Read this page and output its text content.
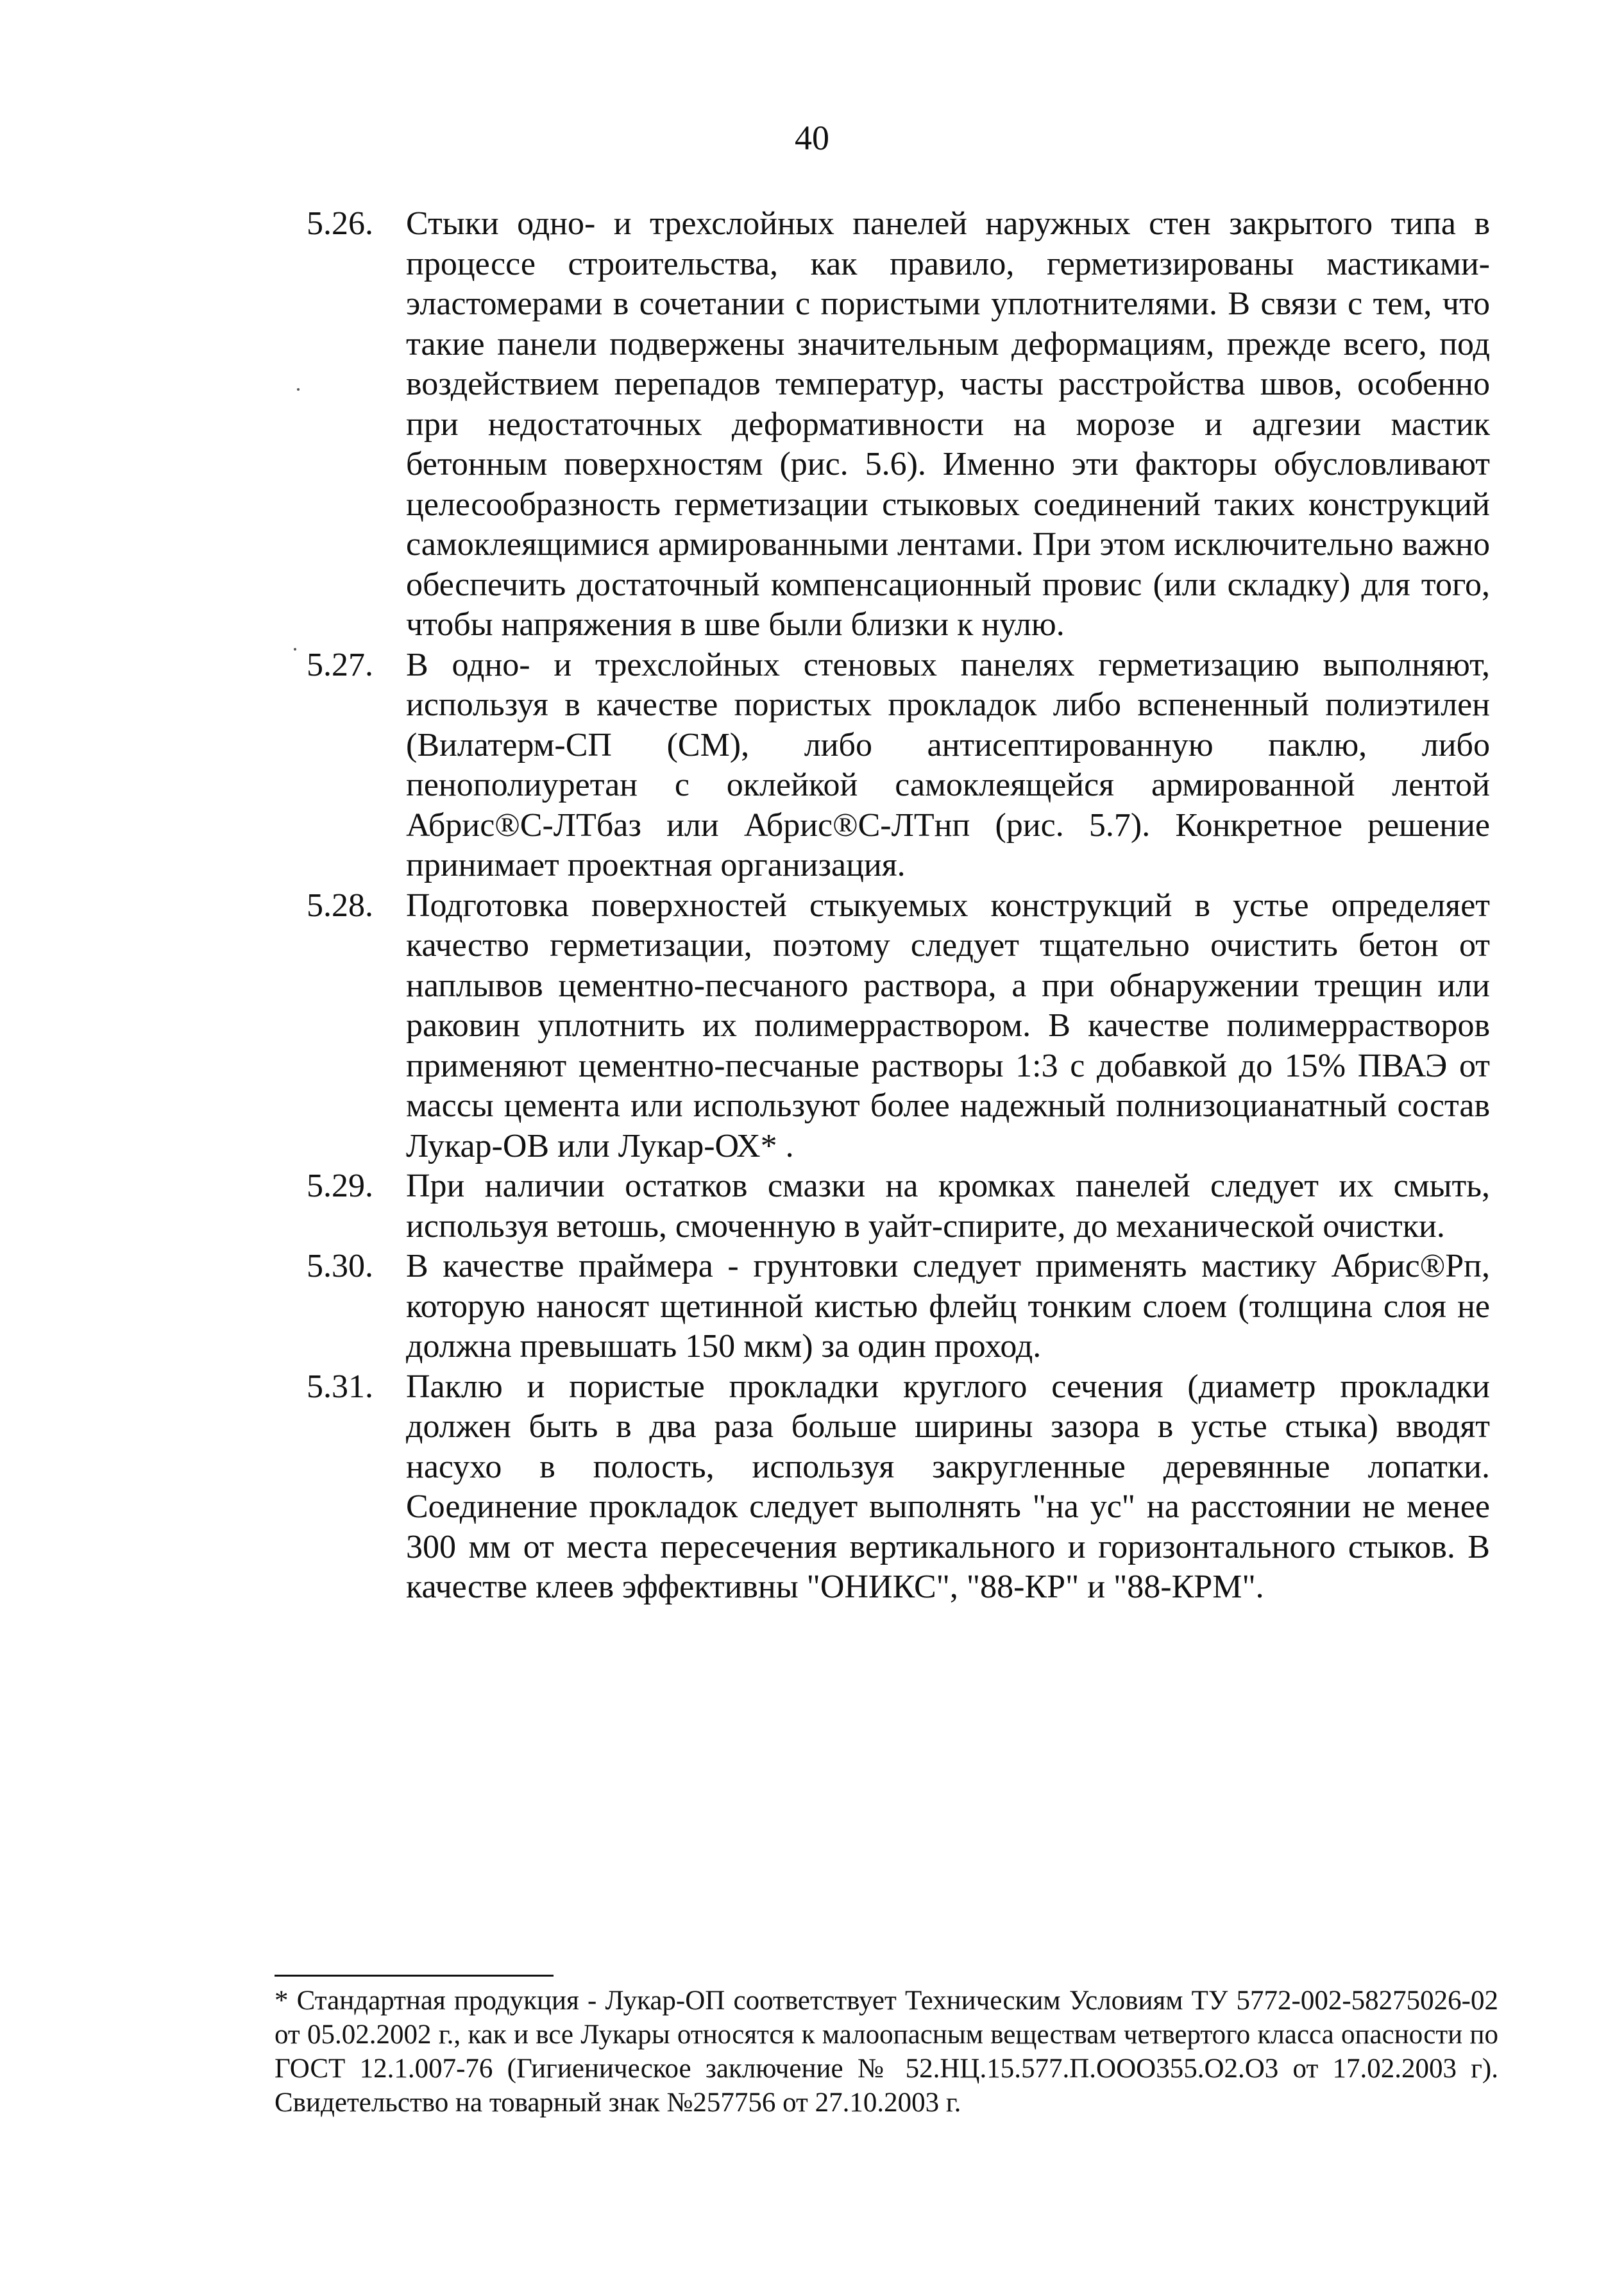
40
5.26. Стыки одно- и трехслойных панелей наружных стен закрытого типа в процессе строительства, как правило, герметизированы мастиками-эластомерами в сочетании с пористыми уплотнителями. В связи с тем, что такие панели подвержены значительным деформациям, прежде всего, под воздействием перепадов температур, часты расстройства швов, особенно при недостаточных деформативности на морозе и адгезии мастик бетонным поверхностям (рис. 5.6). Именно эти факторы обусловливают целесообразность герметизации стыковых соединений таких конструкций самоклеящимися армированными лентами. При этом исключительно важно обеспечить достаточный компенсационный провис (или складку) для того, чтобы напряжения в шве были близки к нулю.
5.27. В одно- и трехслойных стеновых панелях герметизацию выполняют, используя в качестве пористых прокладок либо вспененный полиэтилен (Вилатерм-СП (СМ), либо антисептированную паклю, либо пенополиуретан с оклейкой самоклеящейся армированной лентой Абрис®С-ЛТбаз или Абрис®С-ЛТнп (рис. 5.7). Конкретное решение принимает проектная организация.
5.28. Подготовка поверхностей стыкуемых конструкций в устье определяет качество герметизации, поэтому следует тщательно очистить бетон от наплывов цементно-песчаного раствора, а при обнаружении трещин или раковин уплотнить их полимерраствором. В качестве полимеррастворов применяют цементно-песчаные растворы 1:3 с добавкой до 15% ПВАЭ от массы цемента или используют более надежный полнизоцианатный состав Лукар-ОВ или Лукар-ОХ* .
5.29. При наличии остатков смазки на кромках панелей следует их смыть, используя ветошь, смоченную в уайт-спирите, до механической очистки.
5.30. В качестве праймера - грунтовки следует применять мастику Абрис®Рп, которую наносят щетинной кистью флейц тонким слоем (толщина слоя не должна превышать 150 мкм) за один проход.
5.31. Паклю и пористые прокладки круглого сечения (диаметр прокладки должен быть в два раза больше ширины зазора в устье стыка) вводят насухо в полость, используя закругленные деревянные лопатки. Соединение прокладок следует выполнять "на ус" на расстоянии не менее 300 мм от места пересечения вертикального и горизонтального стыков. В качестве клеев эффективны "ОНИКС", "88-КР" и "88-КРМ".
* Стандартная продукция - Лукар-ОП соответствует Техническим Условиям ТУ 5772-002-58275026-02 от 05.02.2002 г., как и все Лукары относятся к малоопасным веществам четвертого класса опасности по ГОСТ 12.1.007-76 (Гигиеническое заключение № 52.НЦ.15.577.П.ООО355.О2.О3 от 17.02.2003 г). Свидетельство на товарный знак №257756 от 27.10.2003 г.
